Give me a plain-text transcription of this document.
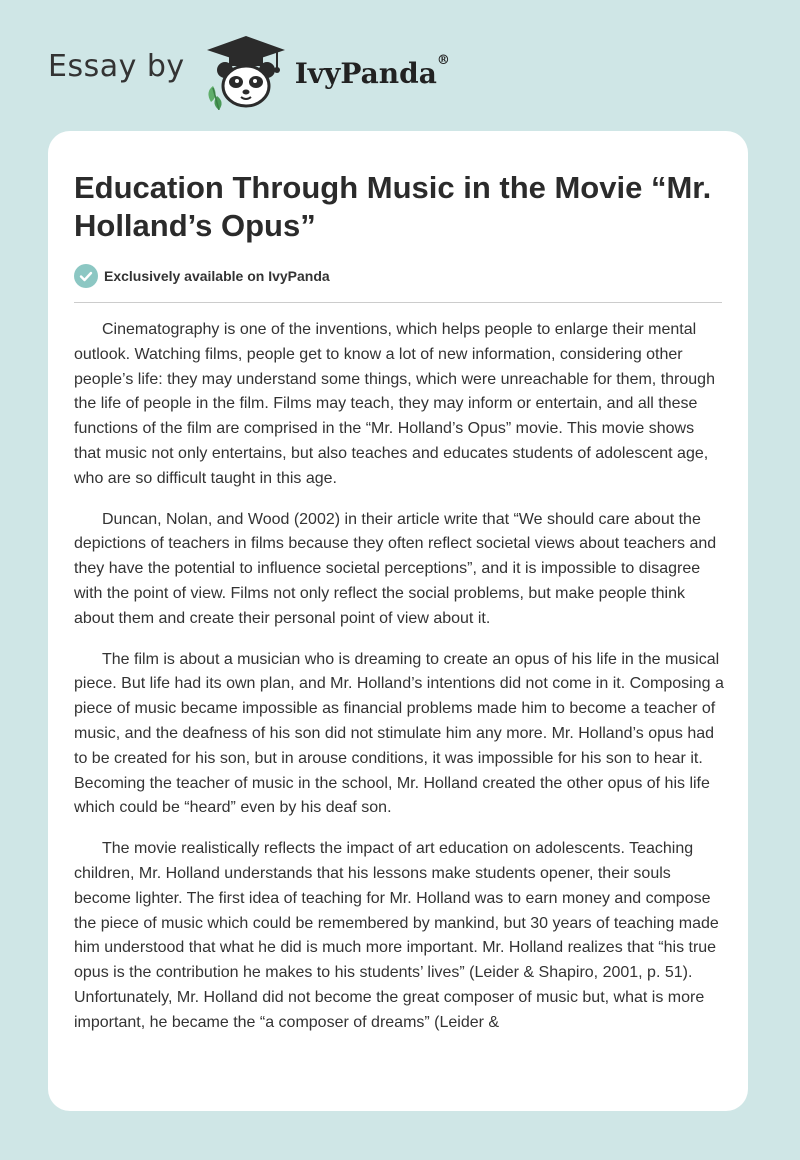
Essay by	IvyPanda®
Education Through Music in the Movie “Mr. Holland’s Opus”
Exclusively available on IvyPanda

Cinematography is one of the inventions, which helps people to enlarge their mental outlook. Watching films, people get to know a lot of new information, considering other people’s life: they may understand some things, which were unreachable for them, through the life of people in the film. Films may teach, they may inform or entertain, and all these functions of the film are comprised in the “Mr. Holland’s Opus” movie. This movie shows that music not only entertains, but also teaches and educates students of adolescent age, who are so difficult taught in this age.

Duncan, Nolan, and Wood (2002) in their article write that “We should care about the depictions of teachers in films because they often reflect societal views about teachers and they have the potential to influence societal perceptions”, and it is impossible to disagree with the point of view. Films not only reflect the social problems, but make people think about them and create their personal point of view about it.

The film is about a musician who is dreaming to create an opus of his life in the musical piece. But life had its own plan, and Mr. Holland’s intentions did not come in it. Composing a piece of music became impossible as financial problems made him to become a teacher of music, and the deafness of his son did not stimulate him any more. Mr. Holland’s opus had to be created for his son, but in arouse conditions, it was impossible for his son to hear it. Becoming the teacher of music in the school, Mr. Holland created the other opus of his life which could be “heard” even by his deaf son.

The movie realistically reflects the impact of art education on adolescents. Teaching children, Mr. Holland understands that his lessons make students opener, their souls become lighter. The first idea of teaching for Mr. Holland was to earn money and compose the piece of music which could be remembered by mankind, but 30 years of teaching made him understood that what he did is much more important. Mr. Holland realizes that “his true opus is the contribution he makes to his students’ lives” (Leider & Shapiro, 2001, p. 51). Unfortunately, Mr. Holland did not become the great composer of music but, what is more important, he became the “a composer of dreams” (Leider &
